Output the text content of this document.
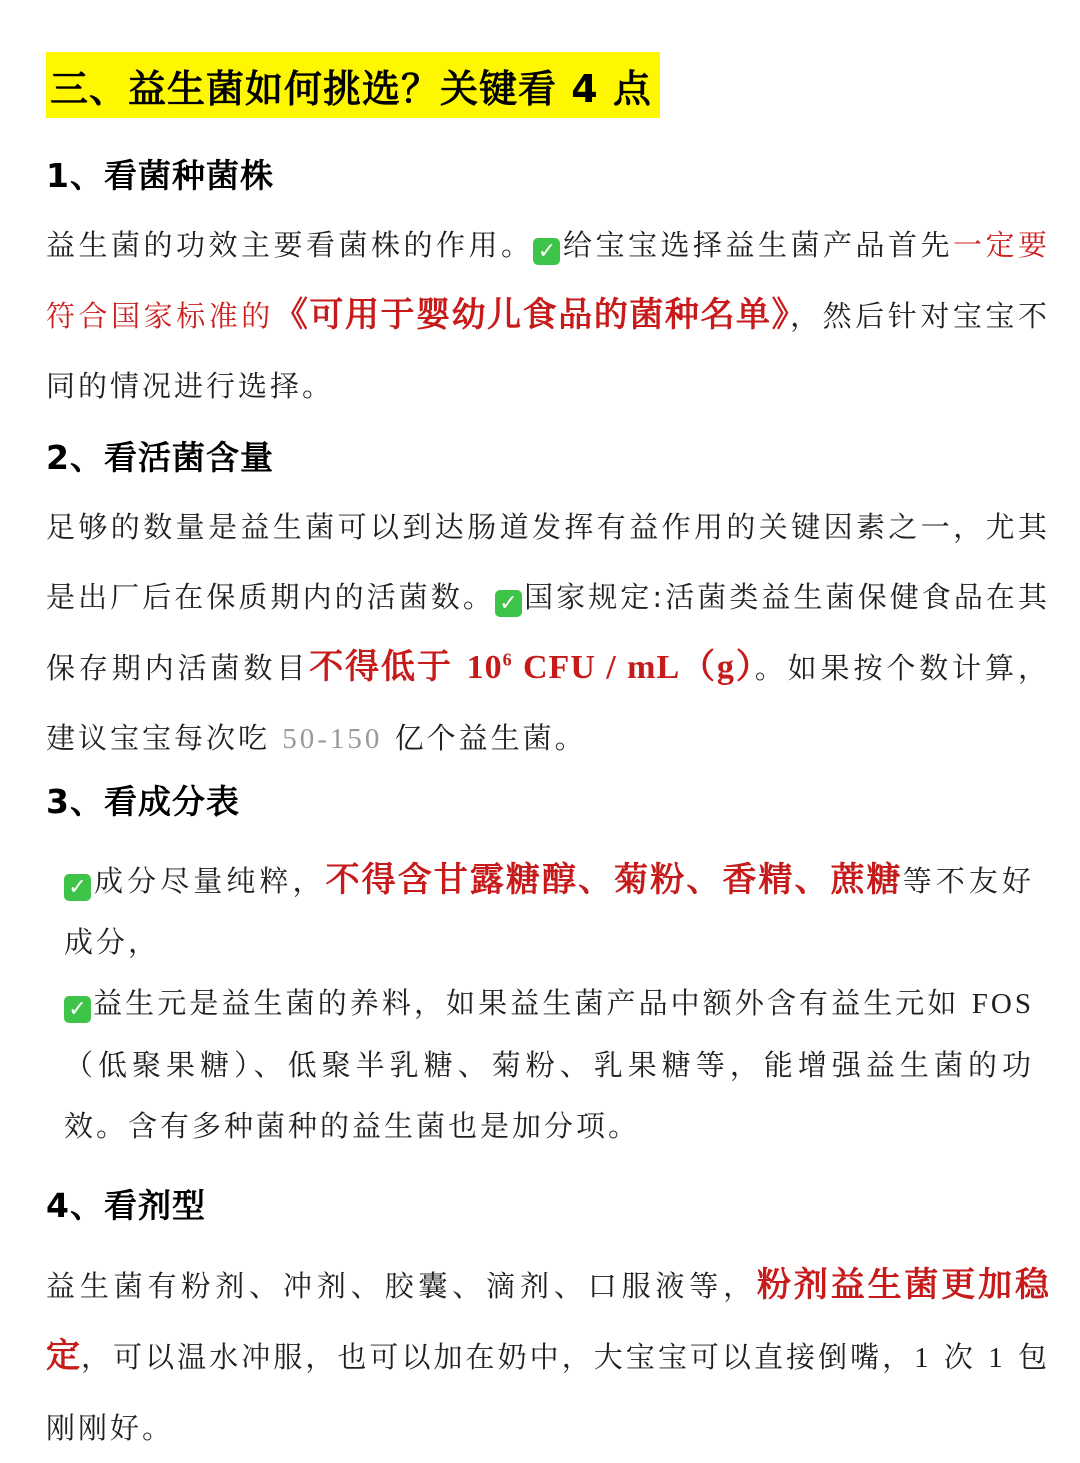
三、益生菌如何挑选？关键看 4 点
1、看菌种菌株
益生菌的功效主要看菌株的作用。 ✓ 给宝宝选择益生菌产品首先一定要符合国家标准的《可用于婴幼儿食品的菌种名单》，然后针对宝宝不同的情况进行选择。
2、看活菌含量
足够的数量是益生菌可以到达肠道发挥有益作用的关键因素之一，尤其是出厂后在保质期内的活菌数。 ✓ 国家规定:活菌类益生菌保健食品在其保存期内活菌数目不得低于 $10^6$ CFU / mL（g）。如果按个数计算，建议宝宝每次吃 50-150 亿个益生菌。
3、看成分表
✓成分尽量纯粹，不得含甘露糖醇、菊粉、香精、蔗糖等不友好成分，
✓益生元是益生菌的养料，如果益生菌产品中额外含有益生元如 FOS（低聚果糖）、低聚半乳糖、菊粉、乳果糖等，能增强益生菌的功效。含有多种菌种的益生菌也是加分项。
4、看剂型
益生菌有粉剂、冲剂、胶囊、滴剂、口服液等，粉剂益生菌更加稳定，可以温水冲服，也可以加在奶中，大宝宝可以直接倒嘴，1 次 1 包刚刚好。
